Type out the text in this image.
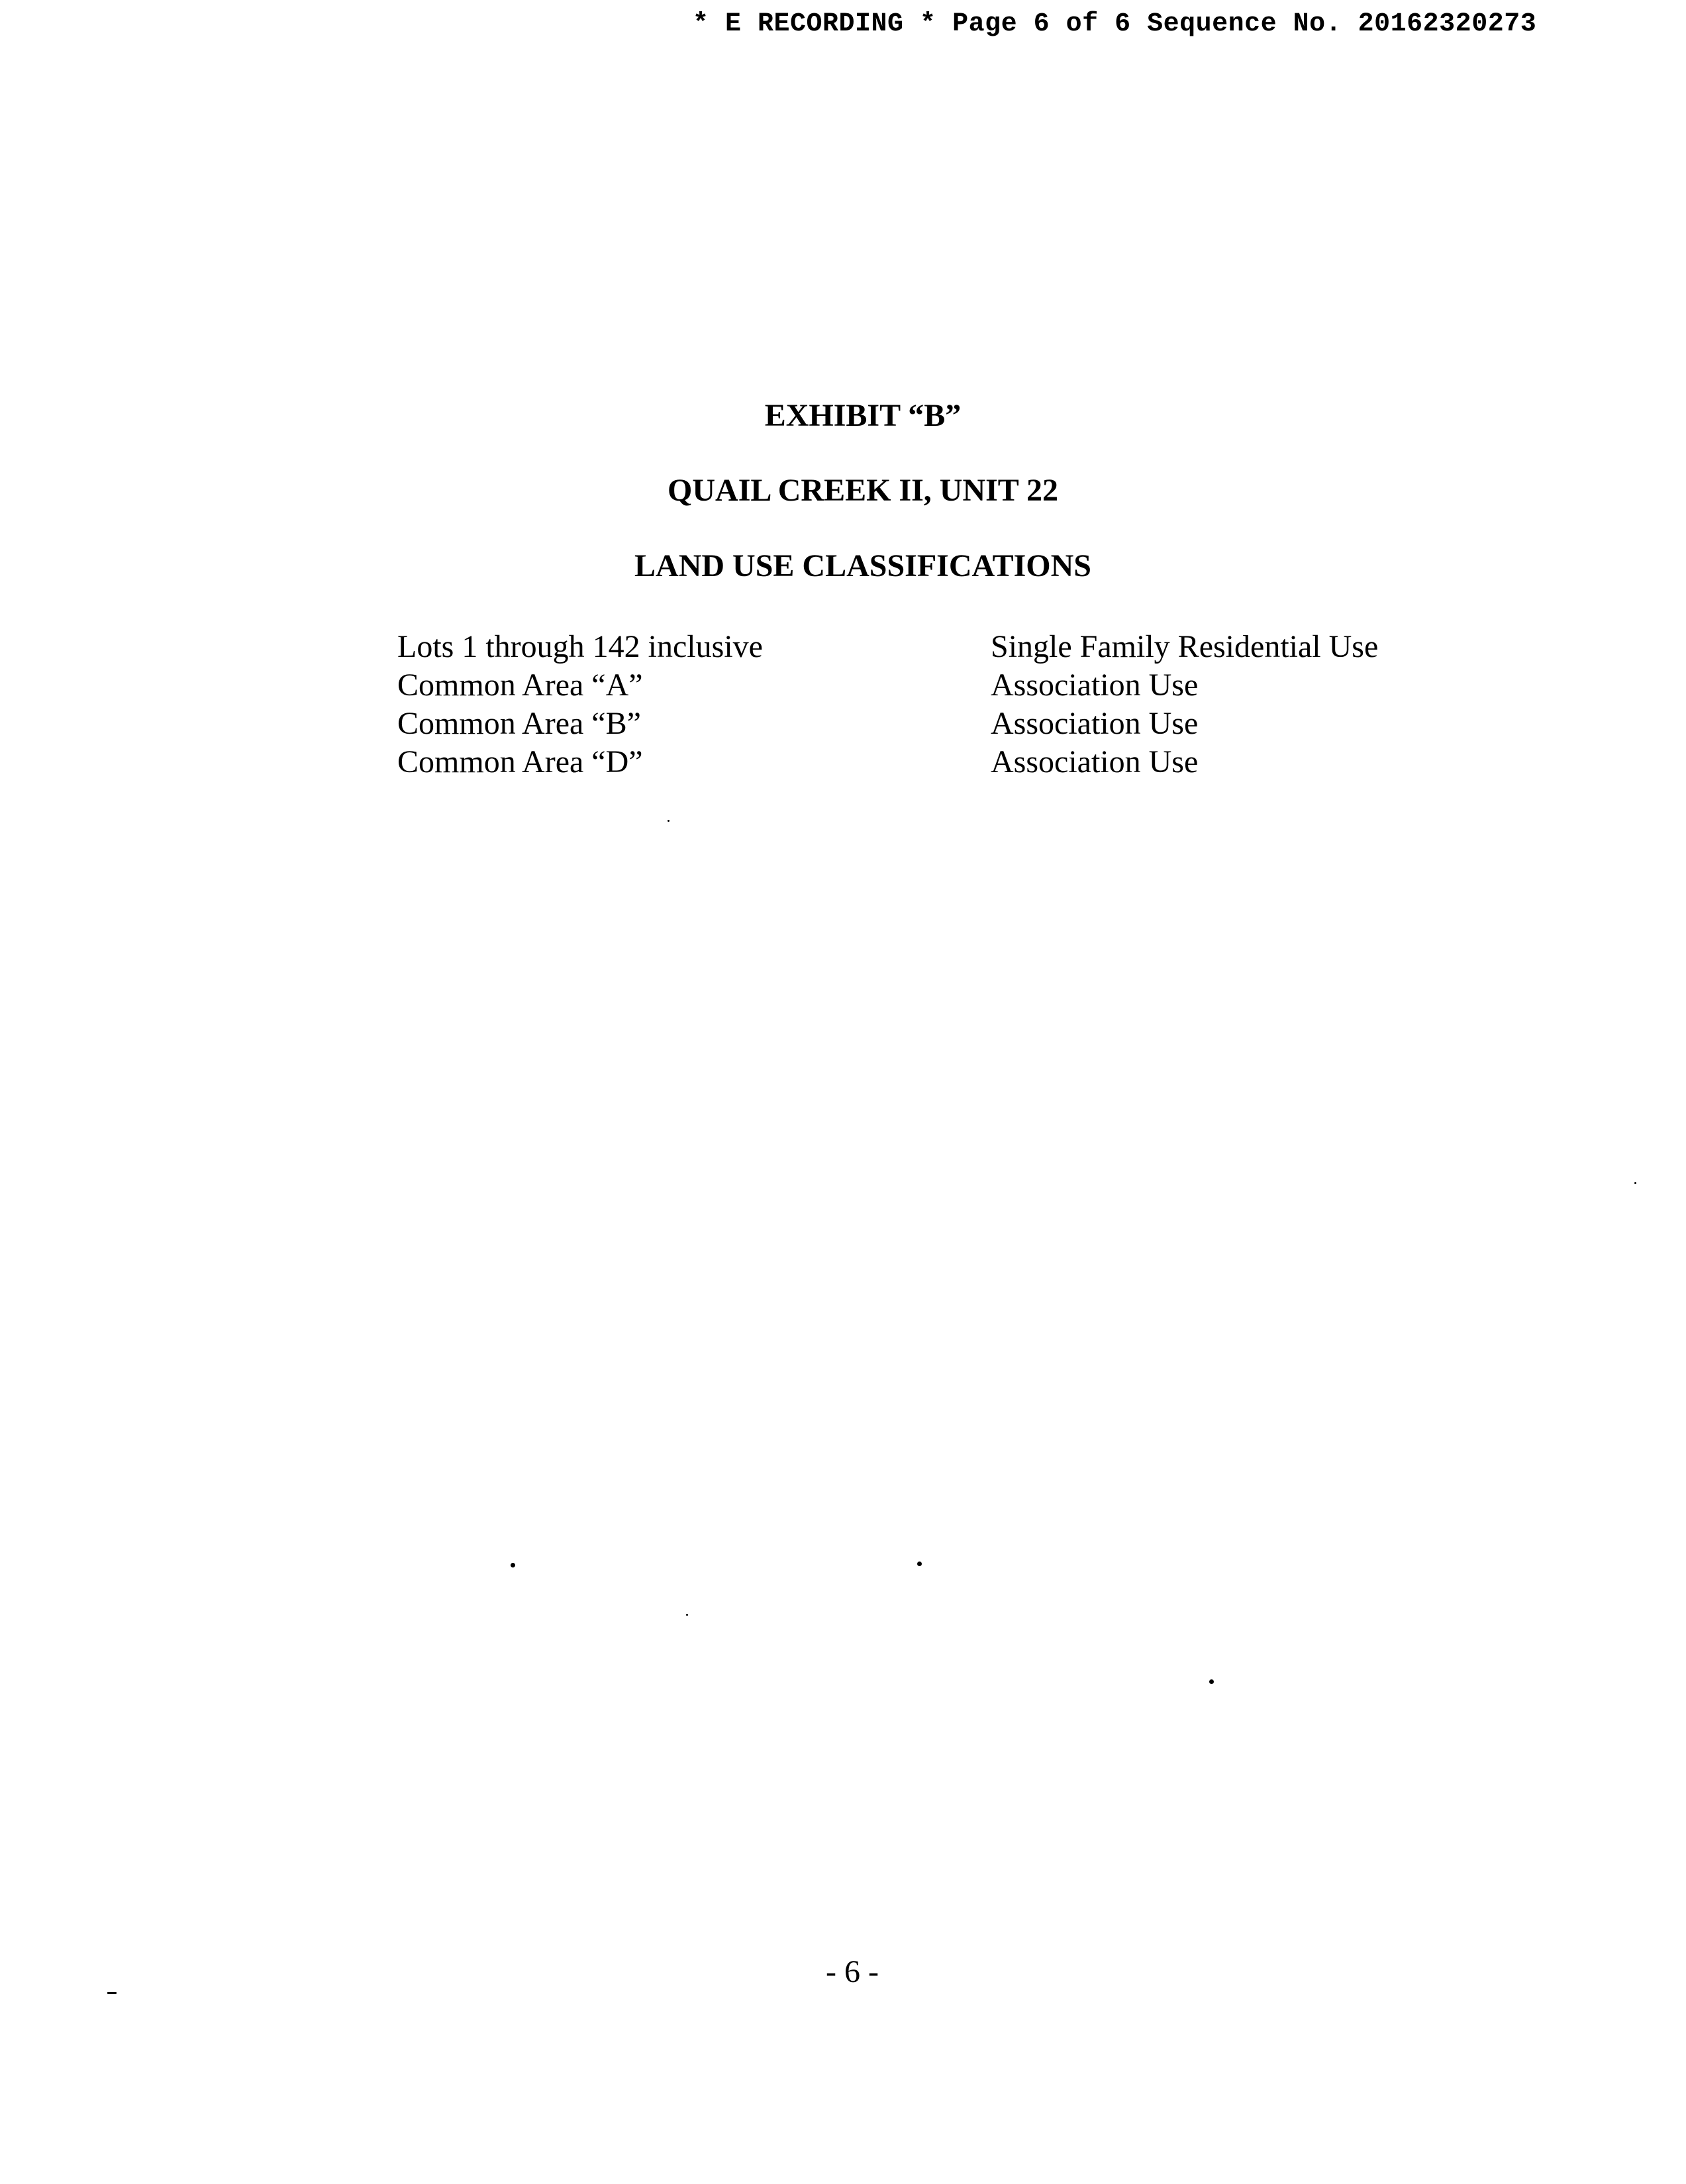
* E RECORDING * Page 6 of 6 Sequence No. 20162320273
EXHIBIT “B”
QUAIL CREEK II, UNIT 22
LAND USE CLASSIFICATIONS
Lots 1 through 142 inclusive	Single Family Residential Use
Common Area “A”	Association Use
Common Area “B”	Association Use
Common Area “D”	Association Use
- 6 -
